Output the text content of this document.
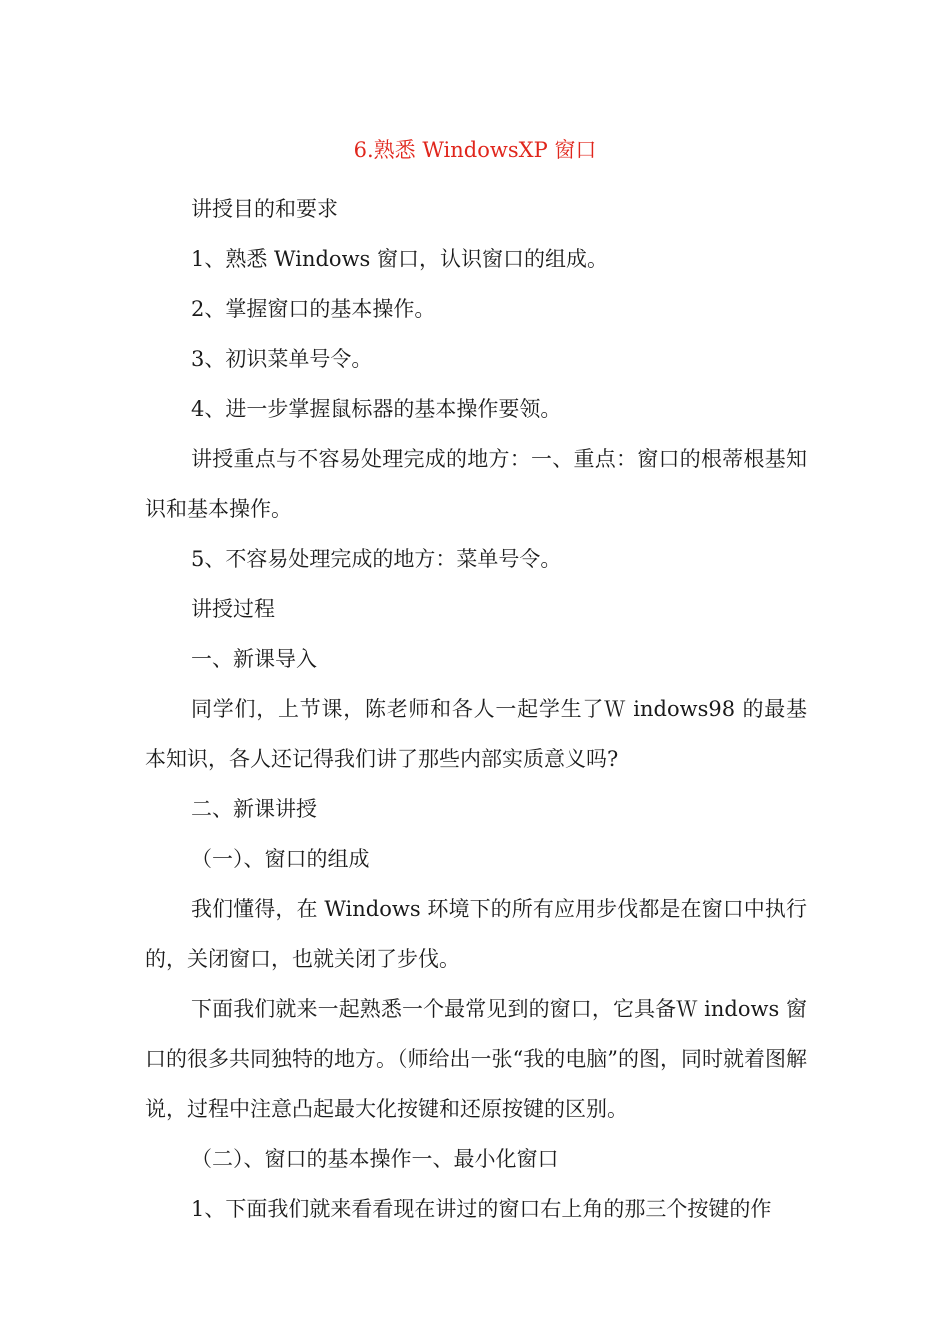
6.熟悉 WindowsXP 窗口

讲授目的和要求

1、熟悉 Windows 窗口，认识窗口的组成。

2、掌握窗口的基本操作。

3、初识菜单号令。

4、进一步掌握鼠标器的基本操作要领。

讲授重点与不容易处理完成的地方：一、重点：窗口的根蒂根基知识和基本操作。

5、不容易处理完成的地方：菜单号令。

讲授过程

一、新课导入

同学们，上节课，陈老师和各人一起学生了Ｗ indows98 的最基本知识，各人还记得我们讲了那些内部实质意义吗?

二、新课讲授

（一）、窗口的组成

我们懂得，在 Windows 环境下的所有应用步伐都是在窗口中执行的，关闭窗口，也就关闭了步伐。

下面我们就来一起熟悉一个最常见到的窗口，它具备Ｗ indows 窗口的很多共同独特的地方。（师给出一张“我的电脑”的图，同时就着图解说，过程中注意凸起最大化按键和还原按键的区别。

（二）、窗口的基本操作一、最小化窗口

1、下面我们就来看看现在讲过的窗口右上角的那三个按键的作
